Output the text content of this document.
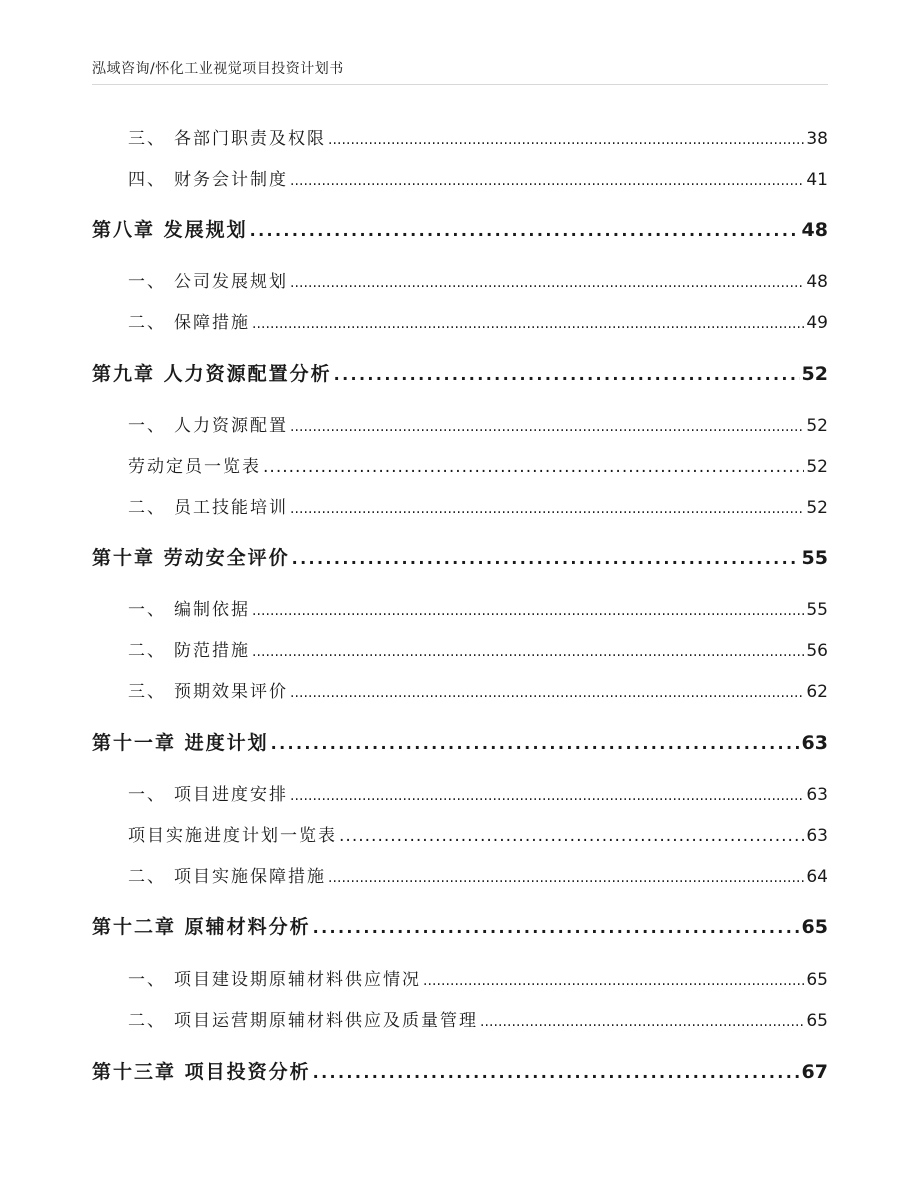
泓域咨询/怀化工业视觉项目投资计划书
三、 各部门职责及权限 . . .	38
四、 财务会计制度 . . .	41
第八章 发展规划 . . .	48
一、 公司发展规划 . . .	48
二、 保障措施 . . .	49
第九章 人力资源配置分析 . . .	52
一、 人力资源配置 . . .	52
劳动定员一览表 . . .	52
二、 员工技能培训 . . .	52
第十章 劳动安全评价 . . .	55
一、 编制依据 . . .	55
二、 防范措施 . . .	56
三、 预期效果评价 . . .	62
第十一章 进度计划 . . .	63
一、 项目进度安排 . . .	63
项目实施进度计划一览表 . . .	63
二、 项目实施保障措施 . . .	64
第十二章 原辅材料分析 . . .	65
一、 项目建设期原辅材料供应情况 . . .	65
二、 项目运营期原辅材料供应及质量管理 . . .	65
第十三章 项目投资分析 . . .	67
